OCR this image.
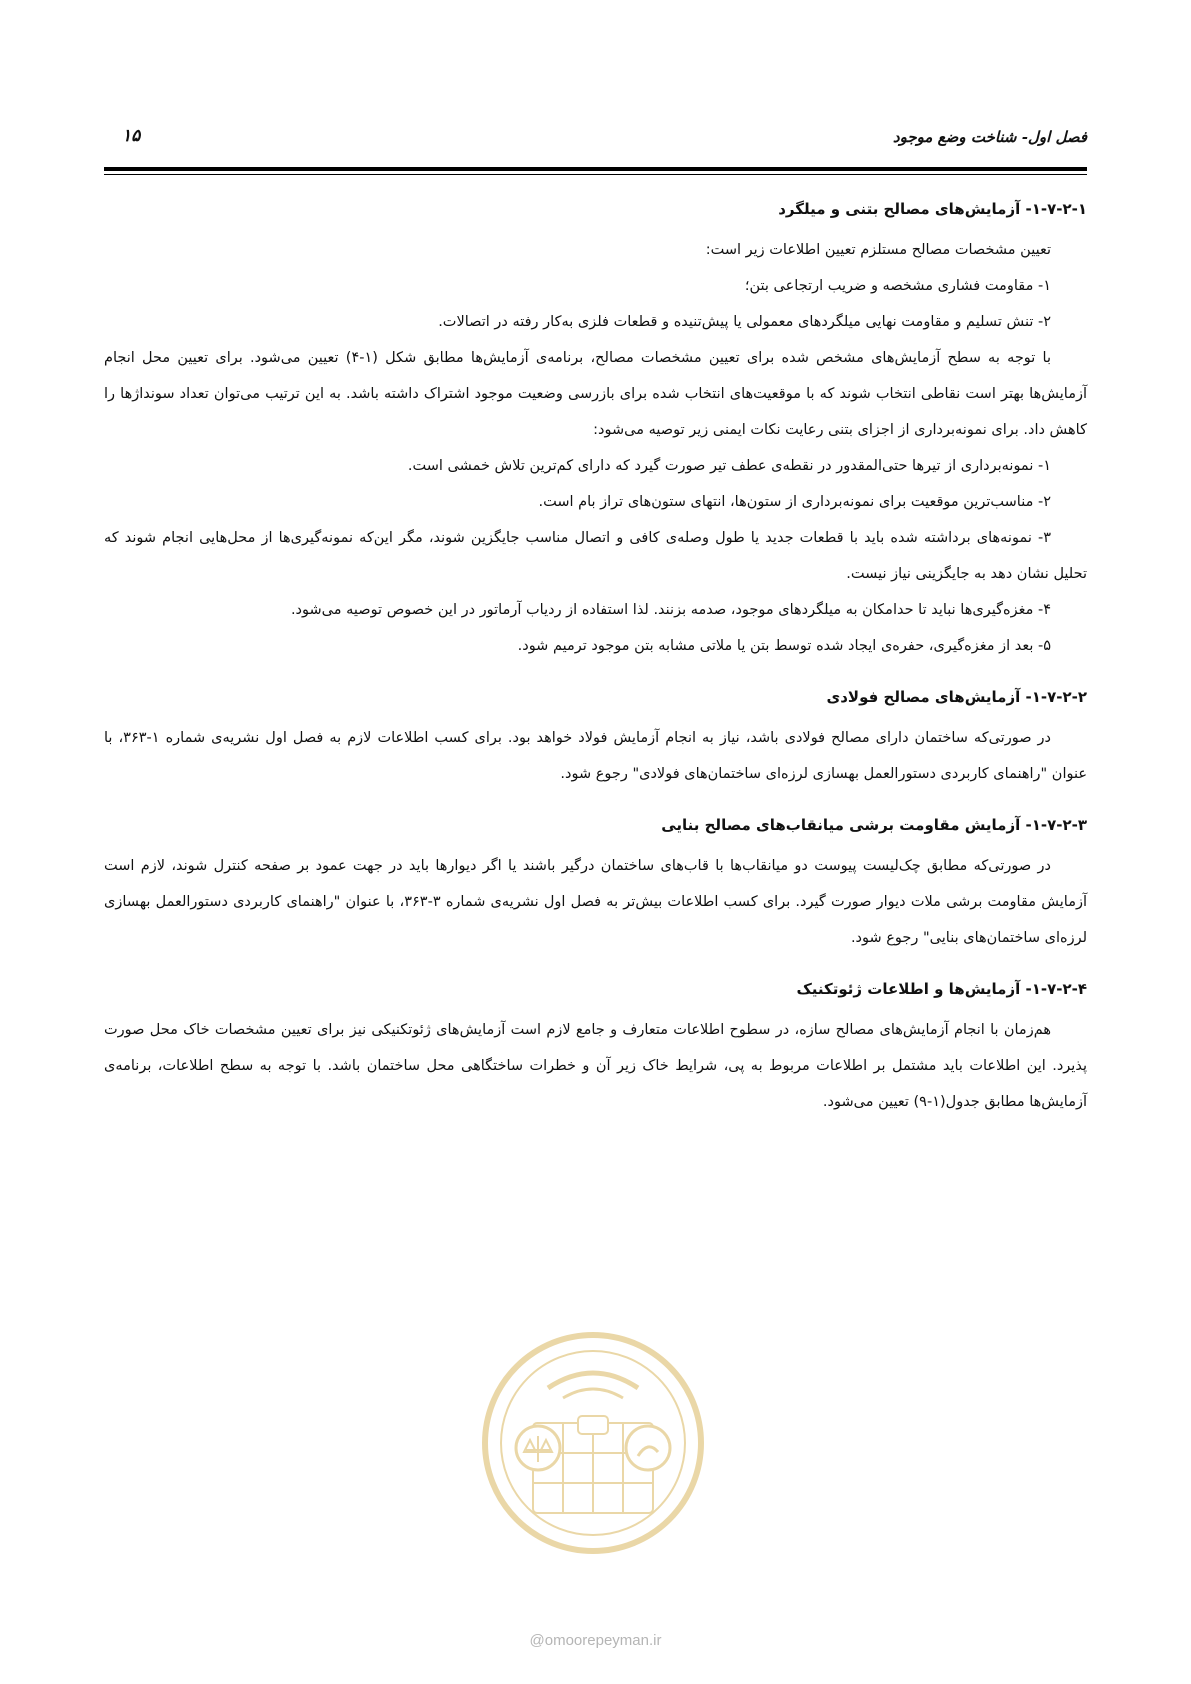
فصل اول- شناخت وضع موجود
۱۵
۱-۷-۲-۱- آزمایش‌های مصالح بتنی و میلگرد

تعیین مشخصات مصالح مستلزم تعیین اطلاعات زیر است:

۱- مقاومت فشاری مشخصه و ضریب ارتجاعی بتن؛

۲- تنش تسلیم و مقاومت نهایی میلگردهای معمولی یا پیش‌تنیده و قطعات فلزی به‌کار رفته در اتصالات.

با توجه به سطح آزمایش‌های مشخص شده برای تعیین مشخصات مصالح، برنامه‌ی آزمایش‌ها مطابق شکل (۱-۴) تعیین می‌شود. برای تعیین محل انجام آزمایش‌ها بهتر است نقاطی انتخاب شوند که با موقعیت‌های انتخاب شده برای بازرسی وضعیت موجود اشتراک داشته باشد. به این ترتیب می‌توان تعداد سونداژها را کاهش داد. برای نمونه‌برداری از اجزای بتنی رعایت نکات ایمنی زیر توصیه می‌شود:

۱- نمونه‌برداری از تیرها حتی‌المقدور در نقطه‌ی عطف تیر صورت گیرد که دارای کم‌ترین تلاش خمشی است.

۲- مناسب‌ترین موقعیت برای نمونه‌برداری از ستون‌ها، انتهای ستون‌های تراز بام است.

۳- نمونه‌های برداشته شده باید با قطعات جدید یا طول وصله‌ی کافی و اتصال مناسب جایگزین شوند، مگر این‌که نمونه‌گیری‌ها از محل‌هایی انجام شوند که تحلیل نشان دهد به جایگزینی نیاز نیست.

۴- مغزه‌گیری‌ها نباید تا حدامکان به میلگردهای موجود، صدمه بزنند. لذا استفاده از ردیاب آرماتور در این خصوص توصیه می‌شود.

۵- بعد از مغزه‌گیری، حفره‌ی ایجاد شده توسط بتن یا ملاتی مشابه بتن موجود ترمیم شود.

۱-۷-۲-۲- آزمایش‌های مصالح فولادی

در صورتی‌که ساختمان دارای مصالح فولادی باشد، نیاز به انجام آزمایش فولاد خواهد بود. برای کسب اطلاعات لازم به فصل اول نشریه‌ی شماره ۱-۳۶۳، با عنوان "راهنمای کاربردی دستورالعمل بهسازی لرزه‌ای ساختمان‌های فولادی" رجوع شود.

۱-۷-۲-۳- آزمایش مقاومت برشی میانقاب‌های مصالح بنایی

در صورتی‌که مطابق چک‌لیست پیوست دو میانقاب‌ها با قاب‌های ساختمان درگیر باشند یا اگر دیوارها باید در جهت عمود بر صفحه کنترل شوند، لازم است آزمایش مقاومت برشی ملات دیوار صورت گیرد. برای کسب اطلاعات بیش‌تر به فصل اول نشریه‌ی شماره ۳-۳۶۳، با عنوان "راهنمای کاربردی دستورالعمل بهسازی لرزه‌ای ساختمان‌های بنایی" رجوع شود.

۱-۷-۲-۴- آزمایش‌ها و اطلاعات ژئوتکنیک

هم‌زمان با انجام آزمایش‌های مصالح سازه، در سطوح اطلاعات متعارف و جامع لازم است آزمایش‌های ژئوتکنیکی نیز برای تعیین مشخصات خاک محل صورت پذیرد. این اطلاعات باید مشتمل بر اطلاعات مربوط به پی، شرایط خاک زیر آن و خطرات ساختگاهی محل ساختمان باشد. با توجه به سطح اطلاعات، برنامه‌ی آزمایش‌ها مطابق جدول(۱-۹) تعیین می‌شود.

@omoorepeyman.ir
